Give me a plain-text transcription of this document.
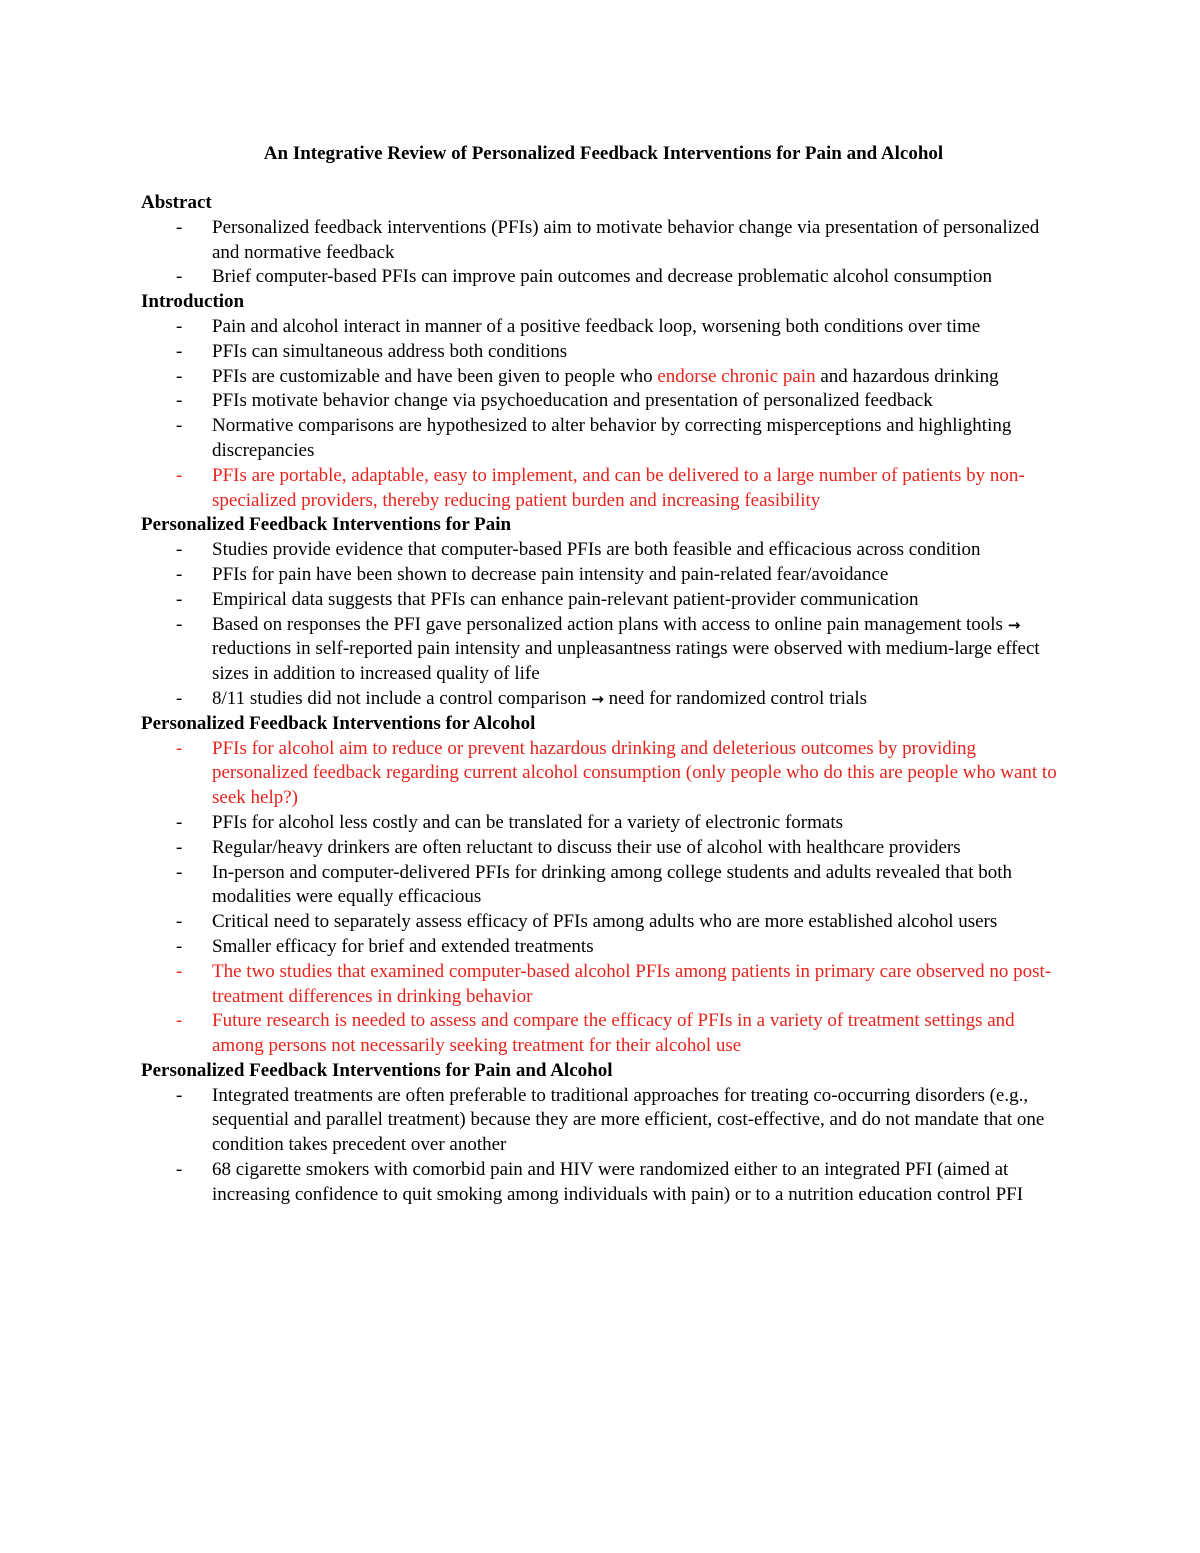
An Integrative Review of Personalized Feedback Interventions for Pain and Alcohol
Abstract
- Personalized feedback interventions (PFIs) aim to motivate behavior change via presentation of personalized and normative feedback
- Brief computer-based PFIs can improve pain outcomes and decrease problematic alcohol consumption
Introduction
- Pain and alcohol interact in manner of a positive feedback loop, worsening both conditions over time
- PFIs can simultaneous address both conditions
- PFIs are customizable and have been given to people who endorse chronic pain and hazardous drinking
- PFIs motivate behavior change via psychoeducation and presentation of personalized feedback
- Normative comparisons are hypothesized to alter behavior by correcting misperceptions and highlighting discrepancies
- PFIs are portable, adaptable, easy to implement, and can be delivered to a large number of patients by non-specialized providers, thereby reducing patient burden and increasing feasibility
Personalized Feedback Interventions for Pain
- Studies provide evidence that computer-based PFIs are both feasible and efficacious across condition
- PFIs for pain have been shown to decrease pain intensity and pain-related fear/avoidance
- Empirical data suggests that PFIs can enhance pain-relevant patient-provider communication
- Based on responses the PFI gave personalized action plans with access to online pain management tools → reductions in self-reported pain intensity and unpleasantness ratings were observed with medium-large effect sizes in addition to increased quality of life
- 8/11 studies did not include a control comparison → need for randomized control trials
Personalized Feedback Interventions for Alcohol
- PFIs for alcohol aim to reduce or prevent hazardous drinking and deleterious outcomes by providing personalized feedback regarding current alcohol consumption (only people who do this are people who want to seek help?)
- PFIs for alcohol less costly and can be translated for a variety of electronic formats
- Regular/heavy drinkers are often reluctant to discuss their use of alcohol with healthcare providers
- In-person and computer-delivered PFIs for drinking among college students and adults revealed that both modalities were equally efficacious
- Critical need to separately assess efficacy of PFIs among adults who are more established alcohol users
- Smaller efficacy for brief and extended treatments
- The two studies that examined computer-based alcohol PFIs among patients in primary care observed no post-treatment differences in drinking behavior
- Future research is needed to assess and compare the efficacy of PFIs in a variety of treatment settings and among persons not necessarily seeking treatment for their alcohol use
Personalized Feedback Interventions for Pain and Alcohol
- Integrated treatments are often preferable to traditional approaches for treating co-occurring disorders (e.g., sequential and parallel treatment) because they are more efficient, cost-effective, and do not mandate that one condition takes precedent over another
- 68 cigarette smokers with comorbid pain and HIV were randomized either to an integrated PFI (aimed at increasing confidence to quit smoking among individuals with pain) or to a nutrition education control PFI
